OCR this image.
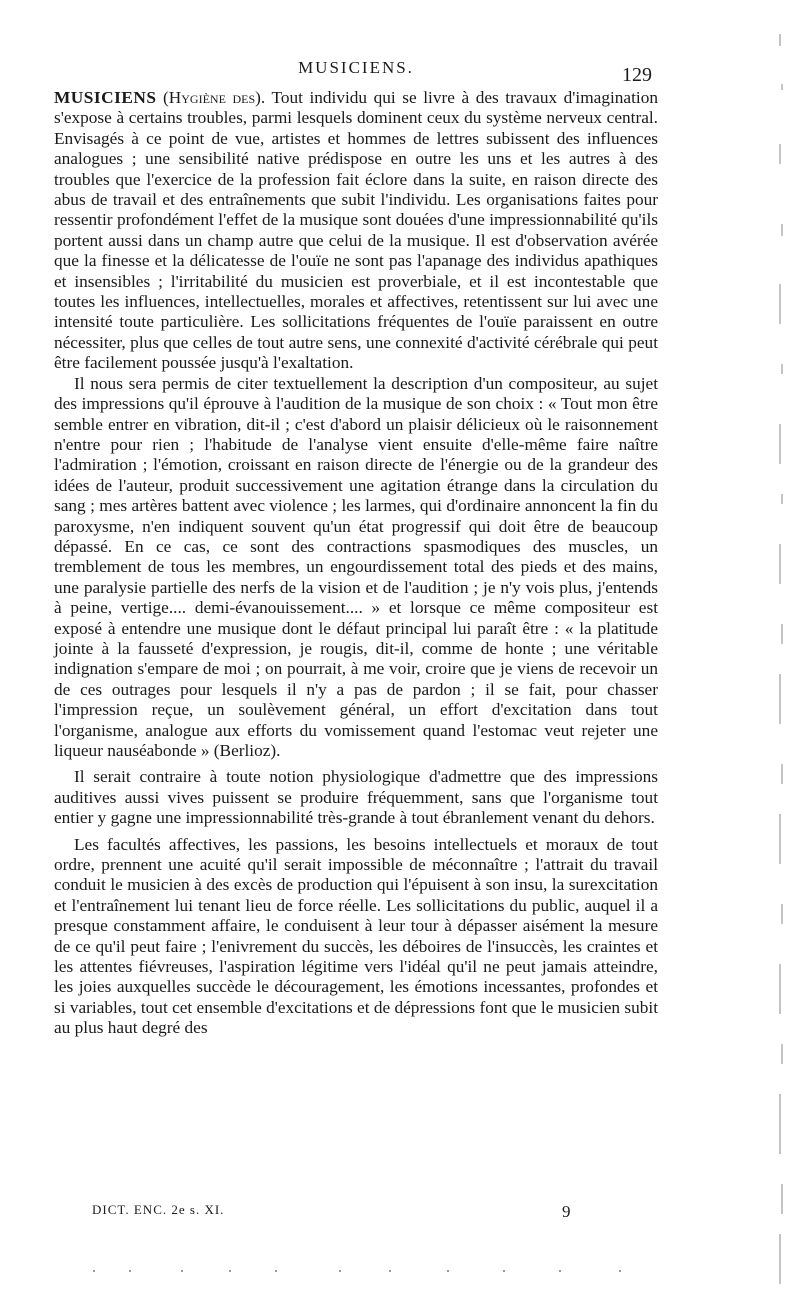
MUSICIENS.	129

MUSICIENS (Hygiène des). Tout individu qui se livre à des travaux d'imagination s'expose à certains troubles, parmi lesquels dominent ceux du système nerveux central. Envisagés à ce point de vue, artistes et hommes de lettres subissent des influences analogues ; une sensibilité native prédispose en outre les uns et les autres à des troubles que l'exercice de la profession fait éclore dans la suite, en raison directe des abus de travail et des entraînements que subit l'individu. Les organisations faites pour ressentir profondément l'effet de la musique sont douées d'une impressionnabilité qu'ils portent aussi dans un champ autre que celui de la musique. Il est d'observation avérée que la finesse et la délicatesse de l'ouïe ne sont pas l'apanage des individus apathiques et insensibles ; l'irritabilité du musicien est proverbiale, et il est incontestable que toutes les influences, intellectuelles, morales et affectives, retentissent sur lui avec une intensité toute particulière. Les sollicitations fréquentes de l'ouïe paraissent en outre nécessiter, plus que celles de tout autre sens, une connexité d'activité cérébrale qui peut être facilement poussée jusqu'à l'exaltation.

Il nous sera permis de citer textuellement la description d'un compositeur, au sujet des impressions qu'il éprouve à l'audition de la musique de son choix : « Tout mon être semble entrer en vibration, dit-il ; c'est d'abord un plaisir délicieux où le raisonnement n'entre pour rien ; l'habitude de l'analyse vient ensuite d'elle-même faire naître l'admiration ; l'émotion, croissant en raison directe de l'énergie ou de la grandeur des idées de l'auteur, produit successivement une agitation étrange dans la circulation du sang ; mes artères battent avec violence ; les larmes, qui d'ordinaire annoncent la fin du paroxysme, n'en indiquent souvent qu'un état progressif qui doit être de beaucoup dépassé. En ce cas, ce sont des contractions spasmodiques des muscles, un tremblement de tous les membres, un engourdissement total des pieds et des mains, une paralysie partielle des nerfs de la vision et de l'audition ; je n'y vois plus, j'entends à peine, vertige.... demi-évanouissement.... » et lorsque ce même compositeur est exposé à entendre une musique dont le défaut principal lui paraît être : « la platitude jointe à la fausseté d'expression, je rougis, dit-il, comme de honte ; une véritable indignation s'empare de moi ; on pourrait, à me voir, croire que je viens de recevoir un de ces outrages pour lesquels il n'y a pas de pardon ; il se fait, pour chasser l'impression reçue, un soulèvement général, un effort d'excitation dans tout l'organisme, analogue aux efforts du vomissement quand l'estomac veut rejeter une liqueur nauséabonde » (Berlioz).

Il serait contraire à toute notion physiologique d'admettre que des impressions auditives aussi vives puissent se produire fréquemment, sans que l'organisme tout entier y gagne une impressionnabilité très-grande à tout ébranlement venant du dehors.

Les facultés affectives, les passions, les besoins intellectuels et moraux de tout ordre, prennent une acuité qu'il serait impossible de méconnaître ; l'attrait du travail conduit le musicien à des excès de production qui l'épuisent à son insu, la surexcitation et l'entraînement lui tenant lieu de force réelle. Les sollicitations du public, auquel il a presque constamment affaire, le conduisent à leur tour à dépasser aisément la mesure de ce qu'il peut faire ; l'enivrement du succès, les déboires de l'insuccès, les craintes et les attentes fiévreuses, l'aspiration légitime vers l'idéal qu'il ne peut jamais atteindre, les joies auxquelles succède le découragement, les émotions incessantes, profondes et si variables, tout cet ensemble d'excitations et de dépressions font que le musicien subit au plus haut degré des

DICT. ENC. 2e s. XI.	9
